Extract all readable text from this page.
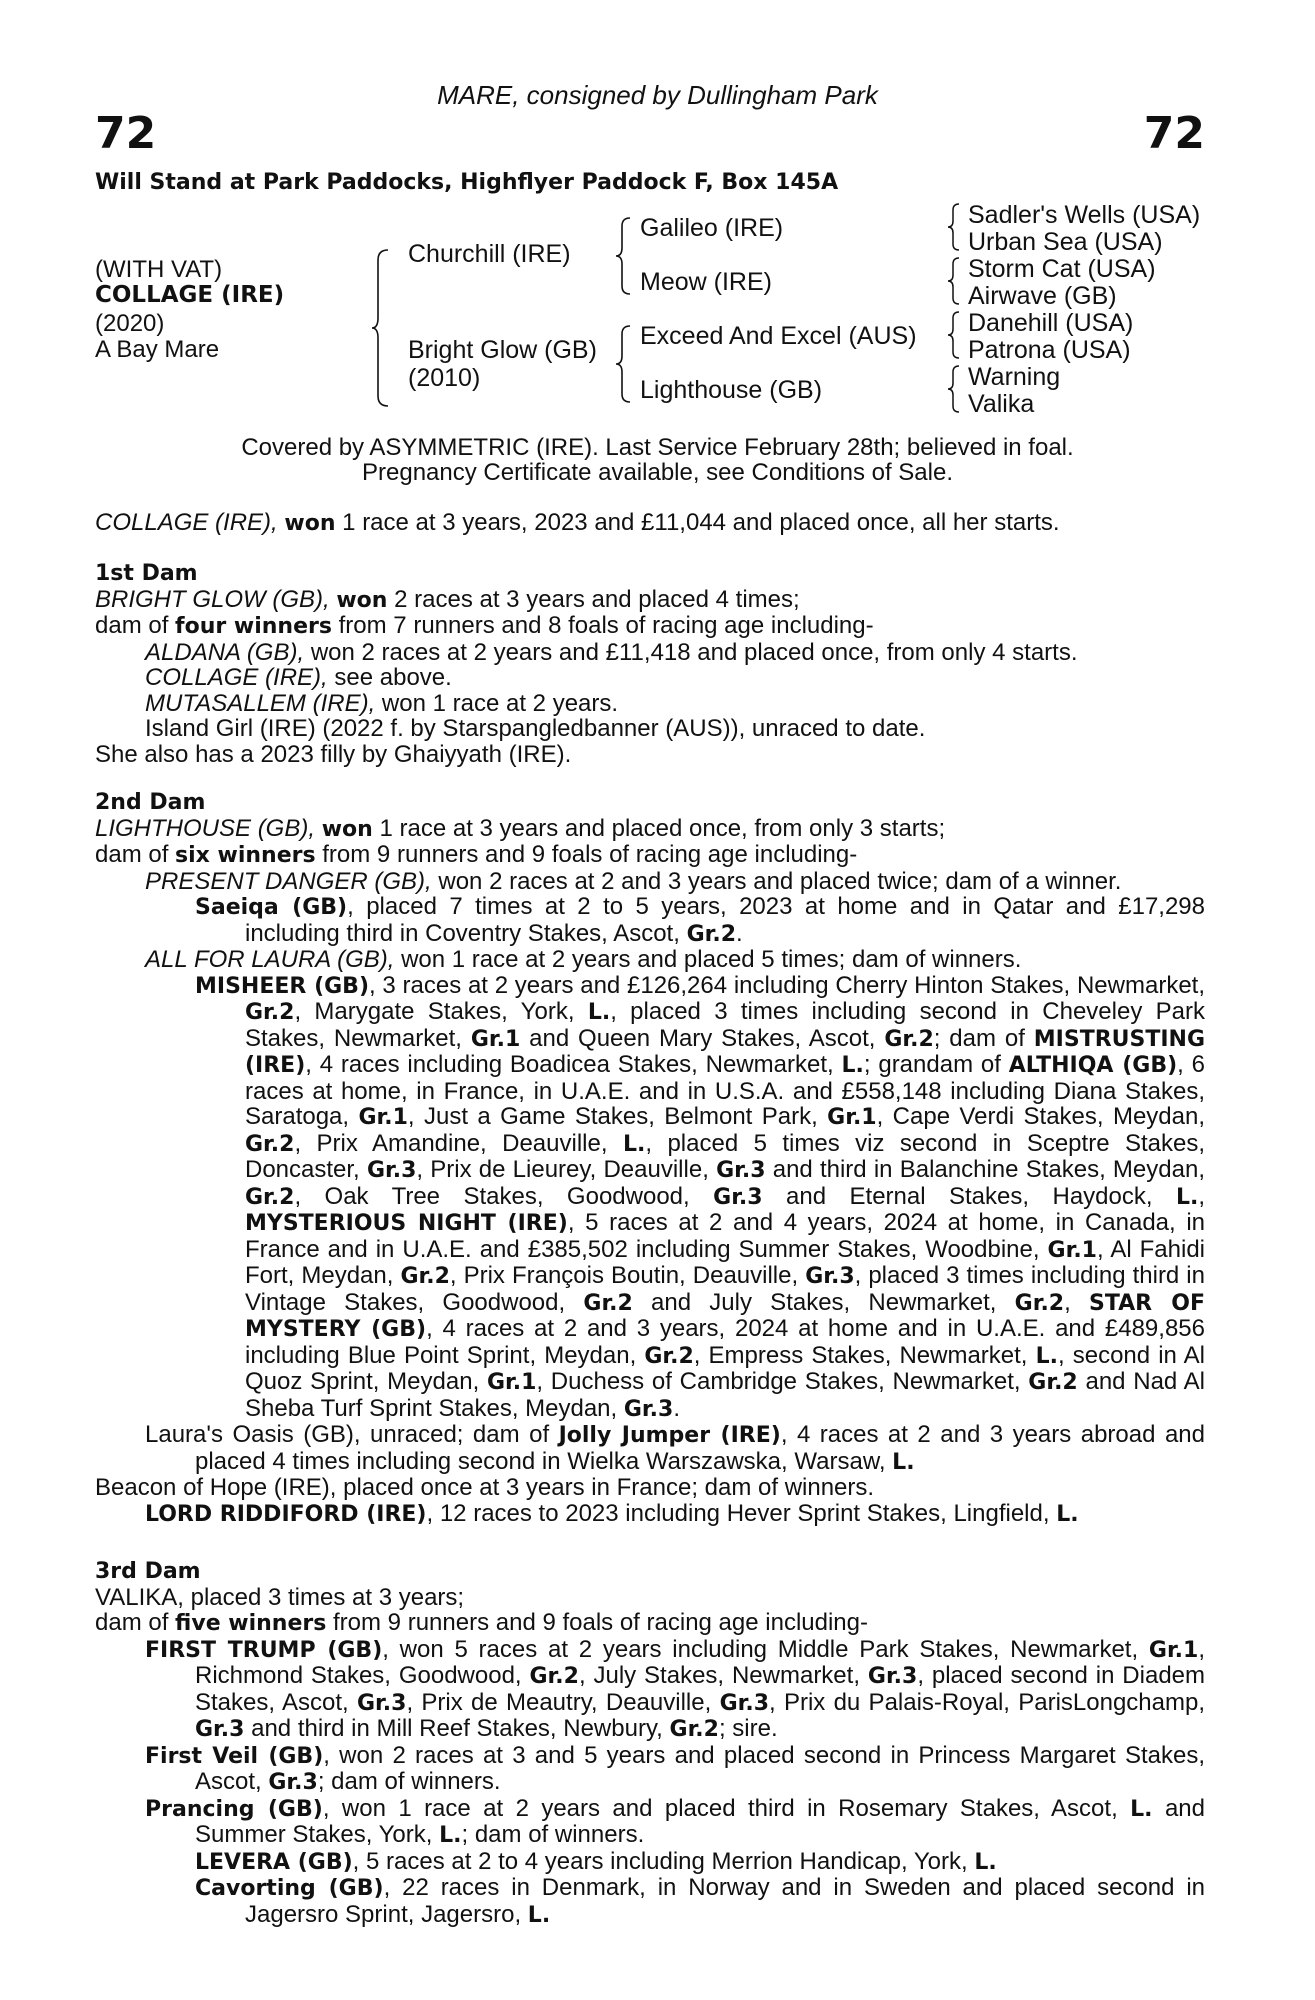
MARE, consigned by Dullingham Park
72	72
Will Stand at Park Paddocks, Highflyer Paddock F, Box 145A
(WITH VAT)
COLLAGE (IRE)
(2020)
A Bay Mare
Churchill (IRE)
Bright Glow (GB)
(2010)
Galileo (IRE)
Meow (IRE)
Exceed And Excel (AUS)
Lighthouse (GB)
Sadler's Wells (USA)
Urban Sea (USA)
Storm Cat (USA)
Airwave (GB)
Danehill (USA)
Patrona (USA)
Warning
Valika
Covered by ASYMMETRIC (IRE). Last Service February 28th; believed in foal.
Pregnancy Certificate available, see Conditions of Sale.

COLLAGE (IRE), won 1 race at 3 years, 2023 and £11,044 and placed once, all her starts.

1st Dam

BRIGHT GLOW (GB), won 2 races at 3 years and placed 4 times;

dam of four winners from 7 runners and 8 foals of racing age including-

ALDANA (GB), won 2 races at 2 years and £11,418 and placed once, from only 4 starts.

COLLAGE (IRE), see above.

MUTASALLEM (IRE), won 1 race at 2 years.

Island Girl (IRE) (2022 f. by Starspangledbanner (AUS)), unraced to date.

She also has a 2023 filly by Ghaiyyath (IRE).

2nd Dam

LIGHTHOUSE (GB), won 1 race at 3 years and placed once, from only 3 starts;

dam of six winners from 9 runners and 9 foals of racing age including-

PRESENT DANGER (GB), won 2 races at 2 and 3 years and placed twice; dam of a winner.

Saeiqa (GB), placed 7 times at 2 to 5 years, 2023 at home and in Qatar and £17,298 including third in Coventry Stakes, Ascot, Gr.2.

ALL FOR LAURA (GB), won 1 race at 2 years and placed 5 times; dam of winners.

MISHEER (GB), 3 races at 2 years and £126,264 including Cherry Hinton Stakes, Newmarket, Gr.2, Marygate Stakes, York, L., placed 3 times including second in Cheveley Park Stakes, Newmarket, Gr.1 and Queen Mary Stakes, Ascot, Gr.2; dam of MISTRUSTING (IRE), 4 races including Boadicea Stakes, Newmarket, L.; grandam of ALTHIQA (GB), 6 races at home, in France, in U.A.E. and in U.S.A. and £558,148 including Diana Stakes, Saratoga, Gr.1, Just a Game Stakes, Belmont Park, Gr.1, Cape Verdi Stakes, Meydan, Gr.2, Prix Amandine, Deauville, L., placed 5 times viz second in Sceptre Stakes, Doncaster, Gr.3, Prix de Lieurey, Deauville, Gr.3 and third in Balanchine Stakes, Meydan, Gr.2, Oak Tree Stakes, Goodwood, Gr.3 and Eternal Stakes, Haydock, L., MYSTERIOUS NIGHT (IRE), 5 races at 2 and 4 years, 2024 at home, in Canada, in France and in U.A.E. and £385,502 including Summer Stakes, Woodbine, Gr.1, Al Fahidi Fort, Meydan, Gr.2, Prix François Boutin, Deauville, Gr.3, placed 3 times including third in Vintage Stakes, Goodwood, Gr.2 and July Stakes, Newmarket, Gr.2, STAR OF MYSTERY (GB), 4 races at 2 and 3 years, 2024 at home and in U.A.E. and £489,856 including Blue Point Sprint, Meydan, Gr.2, Empress Stakes, Newmarket, L., second in Al Quoz Sprint, Meydan, Gr.1, Duchess of Cambridge Stakes, Newmarket, Gr.2 and Nad Al Sheba Turf Sprint Stakes, Meydan, Gr.3.

Laura's Oasis (GB), unraced; dam of Jolly Jumper (IRE), 4 races at 2 and 3 years abroad and placed 4 times including second in Wielka Warszawska, Warsaw, L.

Beacon of Hope (IRE), placed once at 3 years in France; dam of winners.

LORD RIDDIFORD (IRE), 12 races to 2023 including Hever Sprint Stakes, Lingfield, L.

3rd Dam

VALIKA, placed 3 times at 3 years;

dam of five winners from 9 runners and 9 foals of racing age including-

FIRST TRUMP (GB), won 5 races at 2 years including Middle Park Stakes, Newmarket, Gr.1, Richmond Stakes, Goodwood, Gr.2, July Stakes, Newmarket, Gr.3, placed second in Diadem Stakes, Ascot, Gr.3, Prix de Meautry, Deauville, Gr.3, Prix du Palais-Royal, ParisLongchamp, Gr.3 and third in Mill Reef Stakes, Newbury, Gr.2; sire.

First Veil (GB), won 2 races at 3 and 5 years and placed second in Princess Margaret Stakes, Ascot, Gr.3; dam of winners.

Prancing (GB), won 1 race at 2 years and placed third in Rosemary Stakes, Ascot, L. and Summer Stakes, York, L.; dam of winners.

LEVERA (GB), 5 races at 2 to 4 years including Merrion Handicap, York, L.

Cavorting (GB), 22 races in Denmark, in Norway and in Sweden and placed second in Jagersro Sprint, Jagersro, L.
